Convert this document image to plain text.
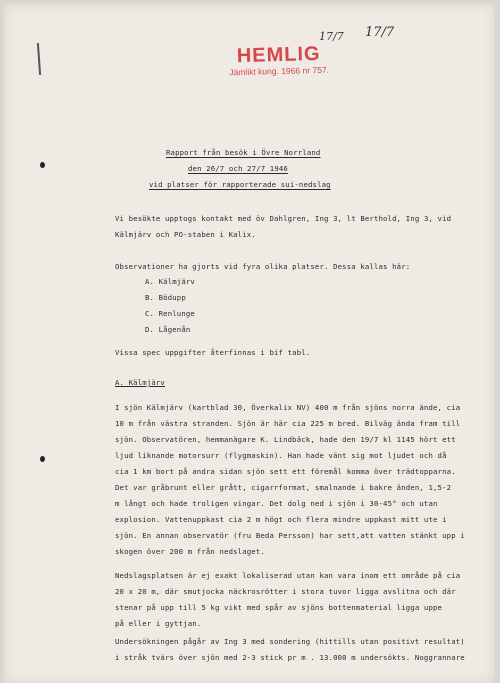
HEMLIG
Jämlikt kung. 1966 nr 757.
17/7 17/7
Rapport från besök i Övre Norrland
den 26/7 och 27/7 1946
vid platser för rapporterade sui-nedslag
Vi besökte upptogs kontakt med öv Dahlgren, Ing 3, lt Berthold, Ing 3, vid
Kälmjärv och PO-staben i Kalix.
Observationer ha gjorts vid fyra olika platser. Dessa kallas här:
A. Kälmjärv
B. Bödupp
C. Renlunge
D. Lågenån
Vissa spec uppgifter återfinnas i bif tabl.
A. Kälmjärv
I sjön Kälmjärv (kartblad 30, Överkalix NV) 400 m från sjöns norra ände, cia
10 m från västra stranden. Sjön är här cia 225 m bred. Bilväg ända fram till
sjön. Observatören, hemmanägare K. Lindbäck, hade den 19/7 kl 1145 hört ett
ljud liknande motorsurr (flygmaskin). Han hade vänt sig mot ljudet och då
cia 1 km bort på andra sidan sjön sett ett föremål komma över trädtopparna.
Det var gråbrunt eller grått, cigarrformat, smalnande i bakre änden, 1,5-2
m långt och hade troligen vingar. Det dolg ned i sjön i 30-45° och utan
explosion. Vattenuppkast cia 2 m högt och flera mindre uppkast mitt ute i
sjön. En annan observatör (fru Beda Persson) har sett,att vatten stänkt upp i
skogen över 200 m från nedslaget.
Nedslagsplatsen är ej exakt lokaliserad utan kan vara inom ett område på cia
20 x 20 m, där smutjocka näckrosrötter i stora tuvor ligga avslitna och där
stenar på upp till 5 kg vikt med spår av sjöns bottenmaterial ligga uppe
på eller i gyttjan.
Undersökningen pågår av Ing 3 med sondering (hittills utan positivt resultat)
i stråk tvärs över sjön med 2-3 stick pr m . 13.000 m undersökts. Noggrannare
